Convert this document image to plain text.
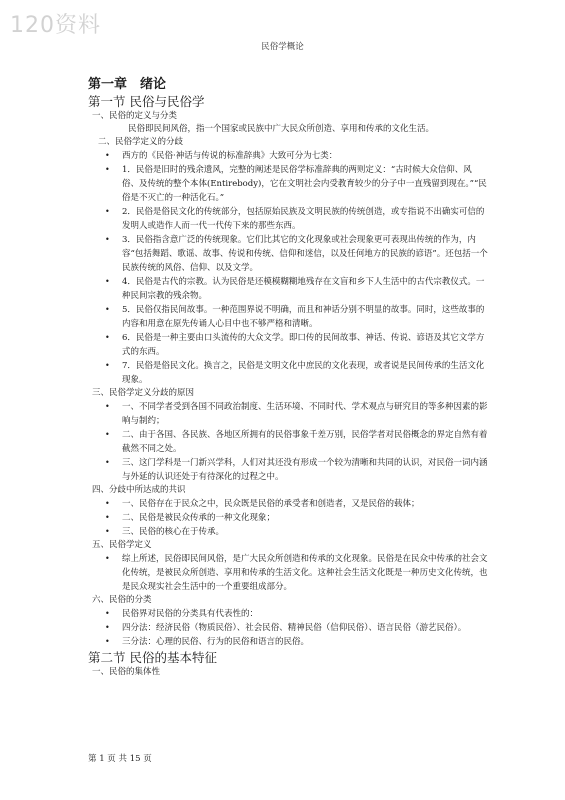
120资料
民俗学概论
第一章　绪论
第一节 民俗与民俗学
一、民俗的定义与分类
民俗即民间风俗，指一个国家或民族中广大民众所创造、享用和传承的文化生活。
二、民俗学定义的分歧
• 西方的《民俗·神话与传说的标准辞典》大致可分为七类：
• 1．民俗是旧时的残余遗风，完整的阐述是民俗学标准辞典的两则定义：“古时候大众信仰、风俗、及传统的整个本体(Entirebody)，它在文明社会内受教育较少的分子中一直残留到现在。”“民俗是不灭亡的一种活化石。”
• 2．民俗是俗民文化的传统部分，包括原始民族及文明民族的传统创造，或专指说不出确实可信的发明人或造作人而一代一代传下来的那些东西。
• 3．民俗指含意广泛的传统现象。它们比其它的文化现象或社会现象更可表现出传统的作为，内容“包括舞蹈、歌谣、故事、传说和传统、信仰和迷信，以及任何地方的民族的谚语”。还包括一个民族传统的风俗、信仰、以及文学。
• 4．民俗是古代的宗教。认为民俗是还模模糊糊地残存在文盲和乡下人生活中的古代宗教仪式。一种民间宗教的残余物。
• 5．民俗仅指民间故事。一种范围界说不明确，而且和神话分别不明显的故事。同时，这些故事的内容和用意在原先传诵人心目中也不够严格和清晰。
• 6．民俗是一种主要由口头流传的大众文学。即口传的民间故事、神话、传说、谚语及其它文学方式的东西。
• 7．民俗是俗民文化。换言之，民俗是文明文化中庶民的文化表现，或者说是民间传承的生活文化现象。
三、民俗学定义分歧的原因
• 一、不同学者受到各国不同政治制度、生活环境、不同时代、学术观点与研究目的等多种因素的影响与制约；
• 二、由于各国、各民族、各地区所拥有的民俗事象千差万别，民俗学者对民俗概念的界定自然有着截然不同之处。
• 三、这门学科是一门新兴学科，人们对其还没有形成一个较为清晰和共同的认识，对民俗一词内涵与外延的认识还处于有待深化的过程之中。
四、分歧中所达成的共识
• 一、民俗存在于民众之中，民众既是民俗的承受者和创造者，又是民俗的载体；
• 二、民俗是被民众传承的一种文化现象；
• 三、民俗的核心在于传承。
五、民俗学定义
• 综上所述，民俗即民间风俗，是广大民众所创造和传承的文化现象。民俗是在民众中传承的社会文化传统，是被民众所创造、享用和传承的生活文化。这种社会生活文化既是一种历史文化传统，也是民众现实社会生活中的一个重要组成部分。
六、民俗的分类
• 民俗界对民俗的分类具有代表性的：
• 四分法：经济民俗（物质民俗）、社会民俗、精神民俗（信仰民俗）、语言民俗（游艺民俗）。
• 三分法：心理的民俗、行为的民俗和语言的民俗。
第二节 民俗的基本特征
一、民俗的集体性
第 1 页 共 15 页
